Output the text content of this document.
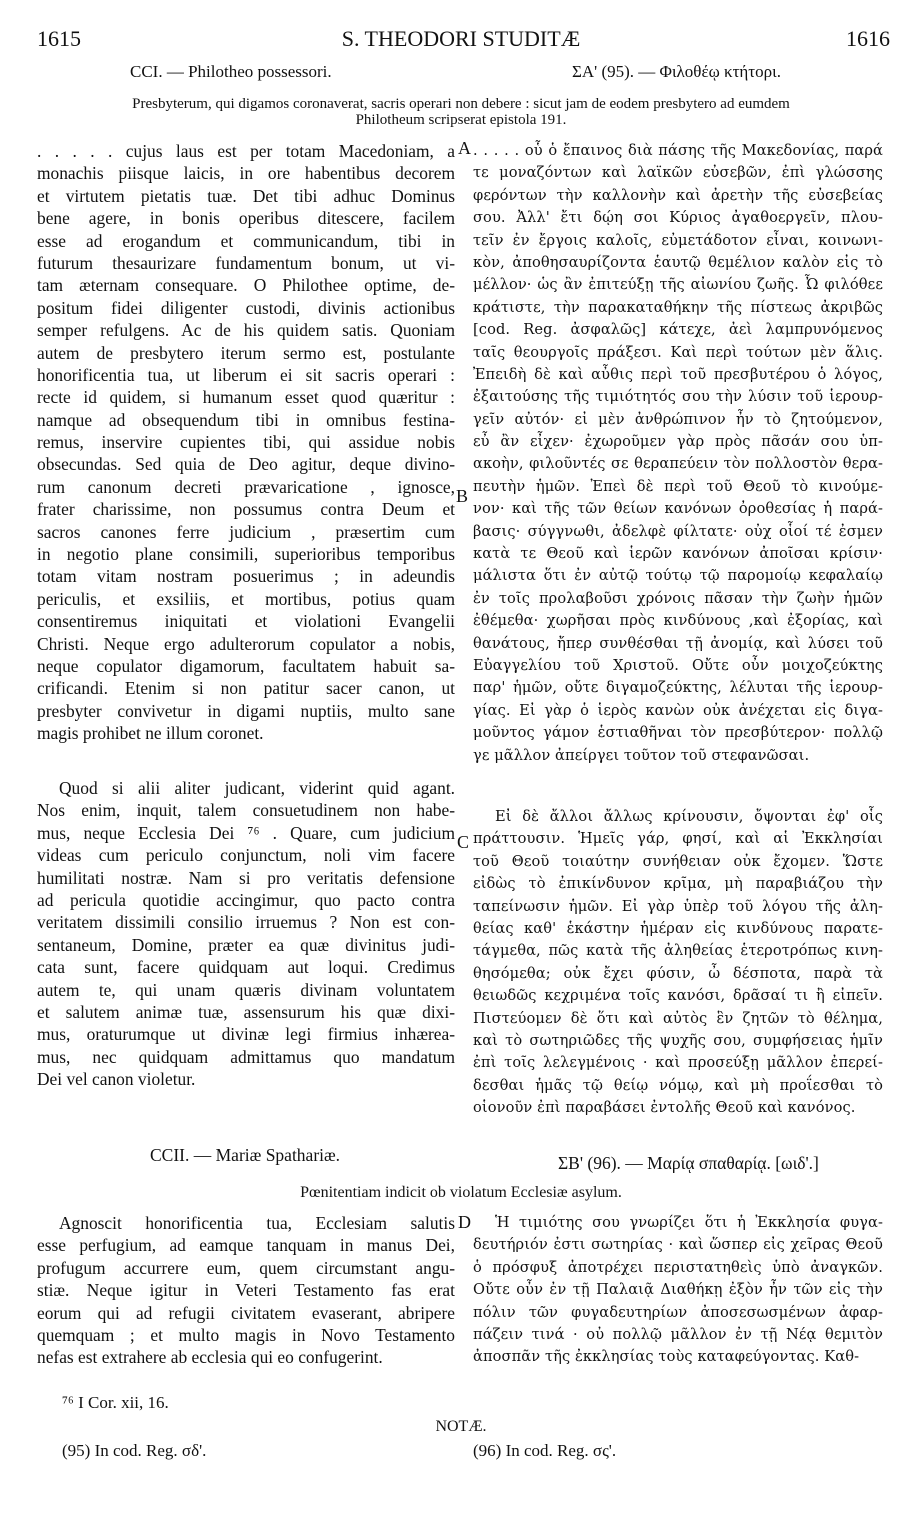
1615	S. THEODORI STUDITÆ	1616
CCI. — Philotheo possessori.	ΣΑ' (95). — Φιλοθέῳ κτήτορι.
Presbyterum, qui digamos coronaverat, sacris operari non debere : sicut jam de eodem presbytero ad eumdem
Philotheum scripserat epistola 191.
. . . . . cujus laus est per totam Macedoniam, a
monachis piisque laicis, in ore habentibus decorem
et virtutem pietatis tuæ. Det tibi adhuc Dominus
bene agere, in bonis operibus ditescere, facilem
esse ad erogandum et communicandum, tibi in
futurum thesaurizare fundamentum bonum, ut vi-
tam æternam consequare. O Philothee optime, de-
positum fidei diligenter custodi, divinis actionibus
semper refulgens. Ac de his quidem satis. Quoniam
autem de presbytero iterum sermo est, postulante
honorificentia tua, ut liberum ei sit sacris operari :
recte id quidem, si humanum esset quod quæritur :
namque ad obsequendum tibi in omnibus festina-
remus, inservire cupientes tibi, qui assidue nobis
obsecundas. Sed quia de Deo agitur, deque divino-
rum canonum decreti prævaricatione , ignosce,
frater charissime, non possumus contra Deum et
sacros canones ferre judicium , præsertim cum
in negotio plane consimili, superioribus temporibus
totam vitam nostram posuerimus ; in adeundis
periculis, et exsiliis, et mortibus, potius quam
consentiremus iniquitati et violationi Evangelii
Christi. Neque ergo adulterorum copulator a nobis,
neque copulator digamorum, facultatem habuit sa-
crificandi. Etenim si non patitur sacer canon, ut
presbyter convivetur in digami nuptiis, multo sane
magis prohibet ne illum coronet.
Quod si alii aliter judicant, viderint quid agant.
Nos enim, inquit, talem consuetudinem non habe-
mus, neque Ecclesia Dei ⁷⁶ . Quare, cum judicium
videas cum periculo conjunctum, noli vim facere
humilitati nostræ. Nam si pro veritatis defensione
ad pericula quotidie accingimur, quo pacto contra
veritatem dissimili consilio irruemus ? Non est con-
sentaneum, Domine, præter ea quæ divinitus judi-
cata sunt, facere quidquam aut loqui. Credimus
autem te, qui unam quæris divinam voluntatem
et salutem animæ tuæ, assensurum his quæ dixi-
mus, oraturumque ut divinæ legi firmius inhærea-
mus, nec quidquam admittamus quo mandatum
Dei vel canon violetur.
. . . . . οὗ ὁ ἔπαινος διὰ πάσης τῆς Μακεδονίας, παρά
τε μοναζόντων καὶ λαϊκῶν εὐσεβῶν, ἐπὶ γλώσσης
φερόντων τὴν καλλονὴν καὶ ἀρετὴν τῆς εὐσεβείας
σου. Ἀλλ' ἔτι δῴη σοι Κύριος ἀγαθοεργεῖν, πλου-
τεῖν ἐν ἔργοις καλοῖς, εὐμετάδοτον εἶναι, κοινωνι-
κὸν, ἀποθησαυρίζοντα ἑαυτῷ θεμέλιον καλὸν εἰς τὸ
μέλλον· ὡς ἂν ἐπιτεύξῃ τῆς αἰωνίου ζωῆς. Ὦ φιλόθεε
κράτιστε, τὴν παρακαταθήκην τῆς πίστεως ἀκριβῶς
[cod. Reg. ἀσφαλῶς] κάτεχε, ἀεὶ λαμπρυνόμενος
ταῖς θεουργοῖς πράξεσι. Καὶ περὶ τούτων μὲν ἅλις.
Ἐπειδὴ δὲ καὶ αὖθις περὶ τοῦ πρεσβυτέρου ὁ λόγος,
ἐξαιτούσης τῆς τιμιότητός σου τὴν λύσιν τοῦ ἱερουρ-
γεῖν αὐτόν· εἰ μὲν ἀνθρώπινον ἦν τὸ ζητούμενον,
εὖ ἂν εἶχεν· ἐχωροῦμεν γὰρ πρὸς πᾶσάν σου ὑπ-
ακοὴν, φιλοῦντές σε θεραπεύειν τὸν πολλοστὸν θερα-
πευτὴν ἡμῶν. Ἐπεὶ δὲ περὶ τοῦ Θεοῦ τὸ κινούμε-
νον· καὶ τῆς τῶν θείων κανόνων ὀροθεσίας ἡ παρά-
βασις· σύγγνωθι, ἀδελφὲ φίλτατε· οὐχ οἷοί τέ ἐσμεν
κατὰ τε Θεοῦ καὶ ἱερῶν κανόνων ἀποῖσαι κρίσιν·
μάλιστα ὅτι ἐν αὐτῷ τούτῳ τῷ παρομοίῳ κεφαλαίῳ
ἐν τοῖς προλαβοῦσι χρόνοις πᾶσαν τὴν ζωὴν ἡμῶν
ἐθέμεθα· χωρῆσαι πρὸς κινδύνους ,καὶ ἐξορίας, καὶ
θανάτους, ἤπερ συνθέσθαι τῇ ἀνομίᾳ, καὶ λύσει τοῦ
Εὐαγγελίου τοῦ Χριστοῦ. Οὔτε οὖν μοιχοζεύκτης
παρ' ἡμῶν, οὔτε διγαμοζεύκτης, λέλυται τῆς ἱερουρ-
γίας. Εἰ γὰρ ὁ ἱερὸς κανὼν οὐκ ἀνέχεται εἰς διγα-
μοῦντος γάμον ἑστιαθῆναι τὸν πρεσβύτερον· πολλῷ
γε μᾶλλον ἀπείργει τοῦτον τοῦ στεφανῶσαι.
Εἰ δὲ ἄλλοι ἄλλως κρίνουσιν, ὄψονται ἐφ' οἷς
πράττουσιν. Ἡμεῖς γάρ, φησί, καὶ αἱ Ἐκκλησίαι
τοῦ Θεοῦ τοιαύτην συνήθειαν οὐκ ἔχομεν. Ὥστε
εἰδὼς τὸ ἐπικίνδυνον κρῖμα, μὴ παραβιάζου τὴν
ταπείνωσιν ἡμῶν. Εἰ γὰρ ὑπὲρ τοῦ λόγου τῆς ἀλη-
θείας καθ' ἑκάστην ἡμέραν εἰς κινδύνους παρατε-
τάγμεθα, πῶς κατὰ τῆς ἀληθείας ἑτεροτρόπως κινη-
θησόμεθα; οὐκ ἔχει φύσιν, ὦ δέσποτα, παρὰ τὰ
θειωδῶς κεχριμένα τοῖς κανόσι, δρᾶσαί τι ἢ εἰπεῖν.
Πιστεύομεν δὲ ὅτι καὶ αὐτὸς ἓν ζητῶν τὸ θέλημα,
καὶ τὸ σωτηριῶδες τῆς ψυχῆς σου, συμφήσειας ἡμῖν
ἐπὶ τοῖς λελεγμένοις · καὶ προσεύξῃ μᾶλλον ἐπερεί-
δεσθαι ἡμᾶς τῷ θείῳ νόμῳ, καὶ μὴ προΐεσθαι τὸ
οἱονοῦν ἐπὶ παραβάσει ἐντολῆς Θεοῦ καὶ κανόνος.
A
B
C
D
CCII. — Mariæ Spathariæ.	ΣΒ' (96). — Μαρίᾳ σπαθαρίᾳ. [ωιδ'.]
Pœnitentiam indicit ob violatum Ecclesiæ asylum.
Agnoscit honorificentia tua, Ecclesiam salutis
esse perfugium, ad eamque tanquam in manus Dei,
profugum accurrere eum, quem circumstant angu-
stiæ. Neque igitur in Veteri Testamento fas erat
eorum qui ad refugii civitatem evaserant, abripere
quemquam ; et multo magis in Novo Testamento
nefas est extrahere ab ecclesia qui eo confugerint.
Ἡ τιμιότης σου γνωρίζει ὅτι ἡ Ἐκκλησία φυγα-
δευτήριόν ἐστι σωτηρίας · καὶ ὥσπερ εἰς χεῖρας Θεοῦ
ὁ πρόσφυξ ἀποτρέχει περιστατηθεὶς ὑπὸ ἀναγκῶν.
Οὔτε οὖν ἐν τῇ Παλαιᾷ Διαθήκῃ ἐξὸν ἦν τῶν εἰς τὴν
πόλιν τῶν φυγαδευτηρίων ἀποσεσωσμένων ἀφαρ-
πάζειν τινά · οὐ πολλῷ μᾶλλον ἐν τῇ Νέᾳ θεμιτὸν
ἀποσπᾶν τῆς ἐκκλησίας τοὺς καταφεύγοντας. Καθ-
⁷⁶ I Cor. xii, 16.
NOTÆ.
(95) In cod. Reg. σδ'.	(96) In cod. Reg. σς'.
